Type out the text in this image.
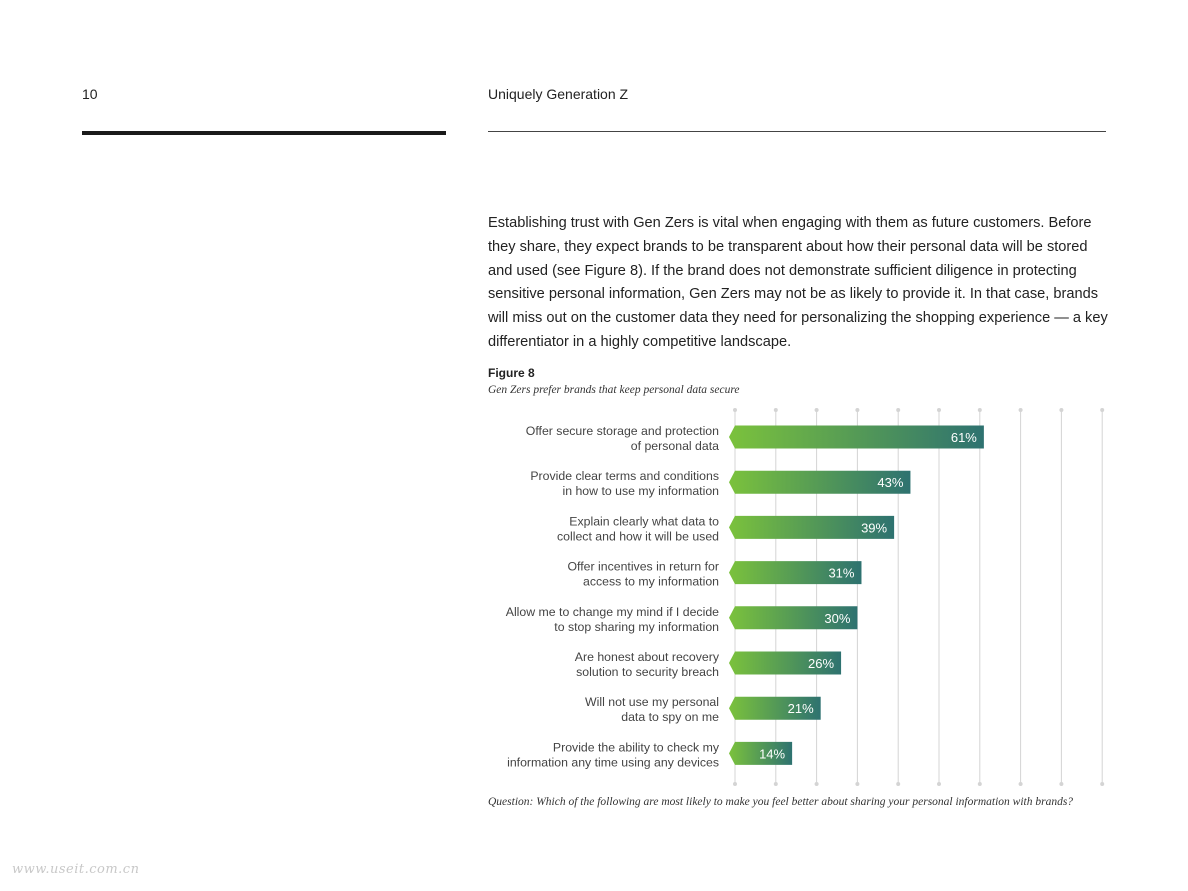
10	Uniquely Generation Z

Establishing trust with Gen Zers is vital when engaging with them as future customers. Before they share, they expect brands to be transparent about how their personal data will be stored and used (see Figure 8). If the brand does not demonstrate sufficient diligence in protecting sensitive personal information, Gen Zers may not be as likely to provide it. In that case, brands will miss out on the customer data they need for personalizing the shopping experience — a key differentiator in a highly competitive landscape.

Figure 8
Gen Zers prefer brands that keep personal data secure
Offer secure storage and protection of personal data
Provide clear terms and conditions in how to use my information
Explain clearly what data to collect and how it will be used
Offer incentives in return for access to my information
Allow me to change my mind if I decide to stop sharing my information
Are honest about recovery solution to security breach
Will not use my personal data to spy on me
Provide the ability to check my information any time using any devices
61%
43%
39%
31%
30%
26%
21%
14%

Question: Which of the following are most likely to make you feel better about sharing your personal information with brands?

www.useit.com.cn
